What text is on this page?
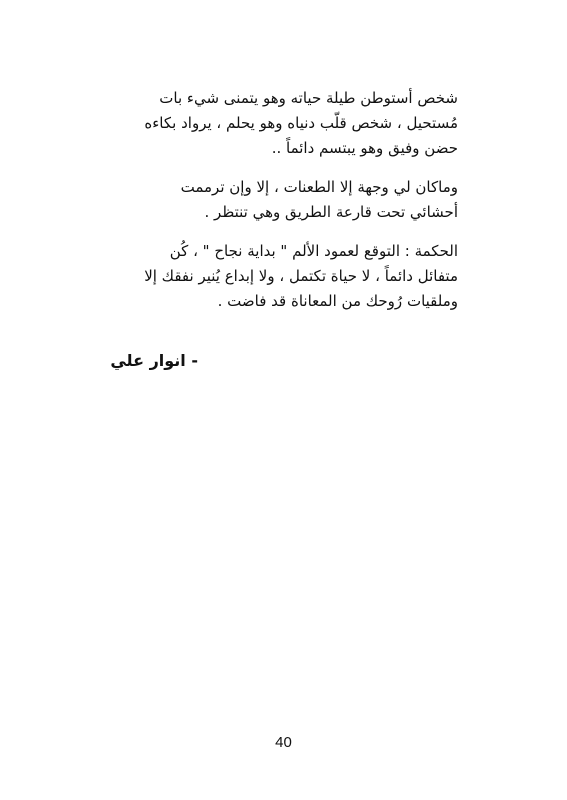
شخص أستوطن طيلة حياته وهو يتمنى شيء بات
مُستحيل ، شخص قلّب دنياه وهو يحلم ، يرواد بكاءه
حضن وفيق وهو يبتسم دائماً ..

وماكان لي وجهة إلا الطعنات ، إلا وإن ترممت
أحشائي تحت قارعة الطريق وهي تنتظر .

الحكمة : التوقع لعمود الألم " بداية نجاح " ، كُن
متفائل دائماً ، لا حياة تكتمل ، ولا إبداع يُنير نفقك إلا
وملقيات رُوحك من المعاناة قد فاضت .

- انوار علي
40
